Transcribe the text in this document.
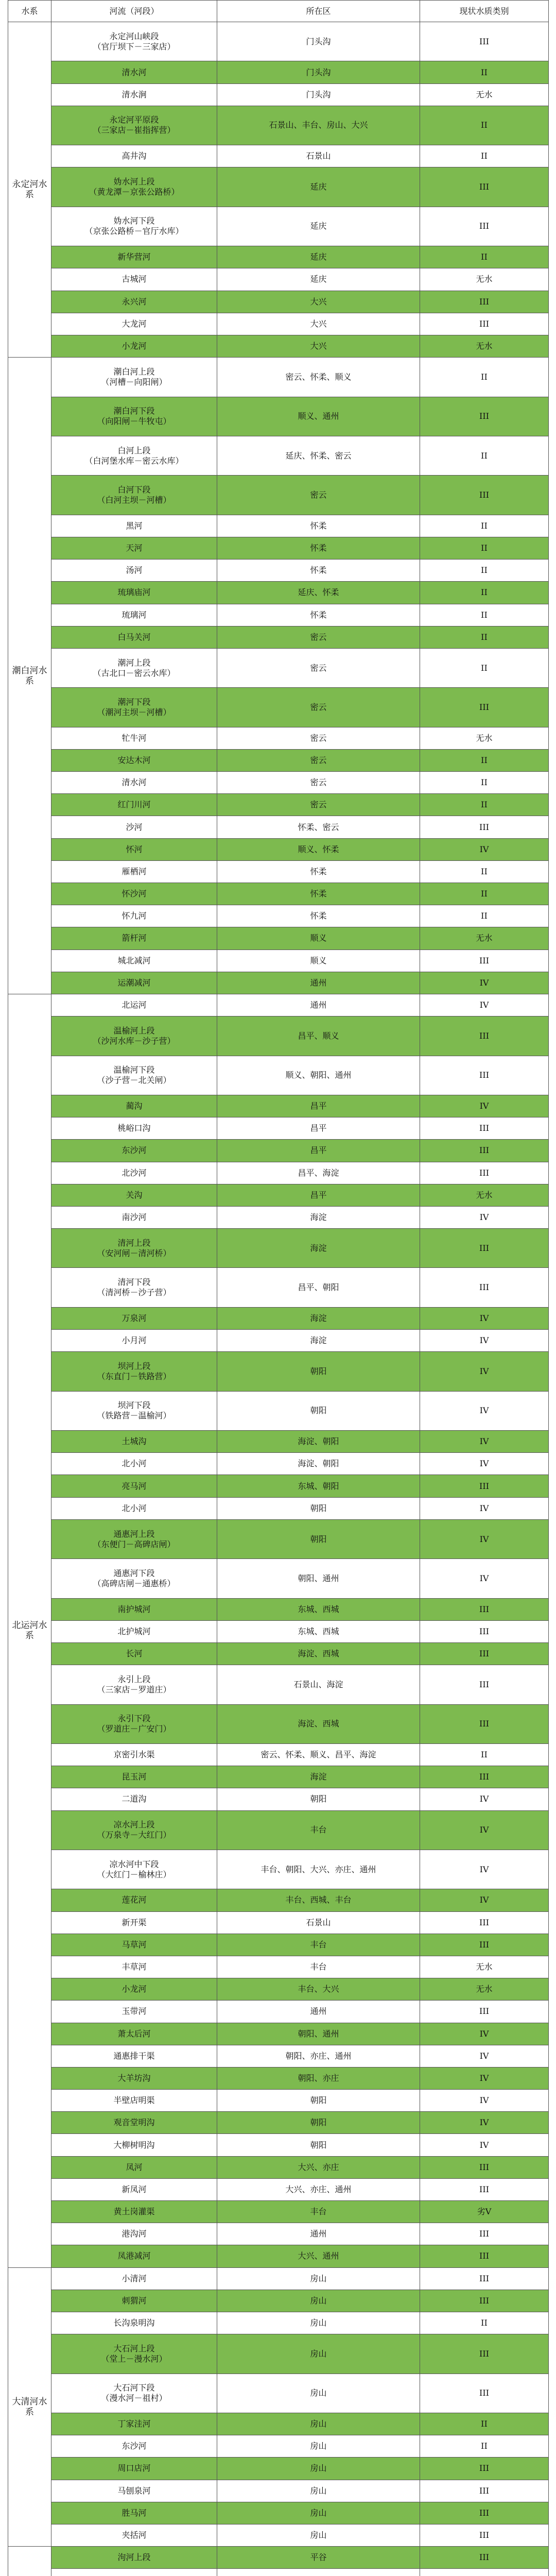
水系	河流（河段）	所在区	现状水质类别
永定河水系	永定河山峡段
（官厅坝下－三家店）	门头沟	III
	清水河	门头沟	II
	清水涧	门头沟	无水
	永定河平原段
（三家店－崔指挥营）	石景山、丰台、房山、大兴	II
	高井沟	石景山	II
	妫水河上段
（黄龙潭－京张公路桥）	延庆	III
	妫水河下段
（京张公路桥－官厅水库）	延庆	III
	新华营河	延庆	II
	古城河	延庆	无水
	永兴河	大兴	III
	大龙河	大兴	III
	小龙河	大兴	无水
潮白河水系	潮白河上段
（河槽－向阳闸）	密云、怀柔、顺义	II
	潮白河下段
（向阳闸－牛牧屯）	顺义、通州	III
	白河上段
（白河堡水库－密云水库）	延庆、怀柔、密云	II
	白河下段
（白河主坝－河槽）	密云	III
	黑河	怀柔	II
	天河	怀柔	II
	汤河	怀柔	II
	琉璃庙河	延庆、怀柔	II
	琉璃河	怀柔	II
	白马关河	密云	II
	潮河上段
（古北口－密云水库）	密云	II
	潮河下段
（潮河主坝－河槽）	密云	III
	牤牛河	密云	无水
	安达木河	密云	II
	清水河	密云	II
	红门川河	密云	II
	沙河	怀柔、密云	III
	怀河	顺义、怀柔	IV
	雁栖河	怀柔	II
	怀沙河	怀柔	II
	怀九河	怀柔	II
	箭杆河	顺义	无水
	城北减河	顺义	III
	运潮减河	通州	IV
北运河水系	北运河	通州	IV
	温榆河上段
（沙河水库－沙子营）	昌平、顺义	III
	温榆河下段
（沙子营－北关闸）	顺义、朝阳、通州	III
	蔺沟	昌平	IV
	桃峪口沟	昌平	III
	东沙河	昌平	III
	北沙河	昌平、海淀	III
	关沟	昌平	无水
	南沙河	海淀	IV
	清河上段
（安河闸－清河桥）	海淀	III
	清河下段
（清河桥－沙子营）	昌平、朝阳	III
	万泉河	海淀	IV
	小月河	海淀	IV
	坝河上段
（东直门－铁路营）	朝阳	IV
	坝河下段
（铁路营－温榆河）	朝阳	IV
	土城沟	海淀、朝阳	IV
	北小河	海淀、朝阳	IV
	亮马河	东城、朝阳	III
	北小河	朝阳	IV
	通惠河上段
（东便门－高碑店闸）	朝阳	IV
	通惠河下段
（高碑店闸－通惠桥）	朝阳、通州	IV
	南护城河	东城、西城	III
	北护城河	东城、西城	III
	长河	海淀、西城	III
	永引上段
（三家店－罗道庄）	石景山、海淀	III
	永引下段
（罗道庄－广安门）	海淀、西城	III
	京密引水渠	密云、怀柔、顺义、昌平、海淀	II
	昆玉河	海淀	III
	二道沟	朝阳	IV
	凉水河上段
（万泉寺－大红门）	丰台	IV
	凉水河中下段
（大红门－榆林庄）	丰台、朝阳、大兴、亦庄、通州	IV
	莲花河	丰台、西城、丰台	IV
	新开渠	石景山	III
	马草河	丰台	III
	丰草河	丰台	无水
	小龙河	丰台、大兴	无水
	玉带河	通州	III
	萧太后河	朝阳、通州	IV
	通惠排干渠	朝阳、亦庄、通州	IV
	大羊坊沟	朝阳、亦庄	IV
	半壁店明渠	朝阳	IV
	观音堂明沟	朝阳	IV
	大柳树明沟	朝阳	IV
	凤河	大兴、亦庄	III
	新凤河	大兴、亦庄、通州	III
	黄土岗灌渠	丰台	劣V
	港沟河	通州	III
	凤港减河	大兴、通州	III
大清河水系	小清河	房山	III
	刺猬河	房山	III
	长沟泉明沟	房山	II
	大石河上段
（堂上－漫水河）	房山	III
	大石河下段
（漫水河－祖村）	房山	III
	丁家洼河	房山	II
	东沙河	房山	II
	周口店河	房山	III
	马刨泉河	房山	III
	胜马河	房山	III
	夹括河	房山	III
	泃河上段	平谷	III
